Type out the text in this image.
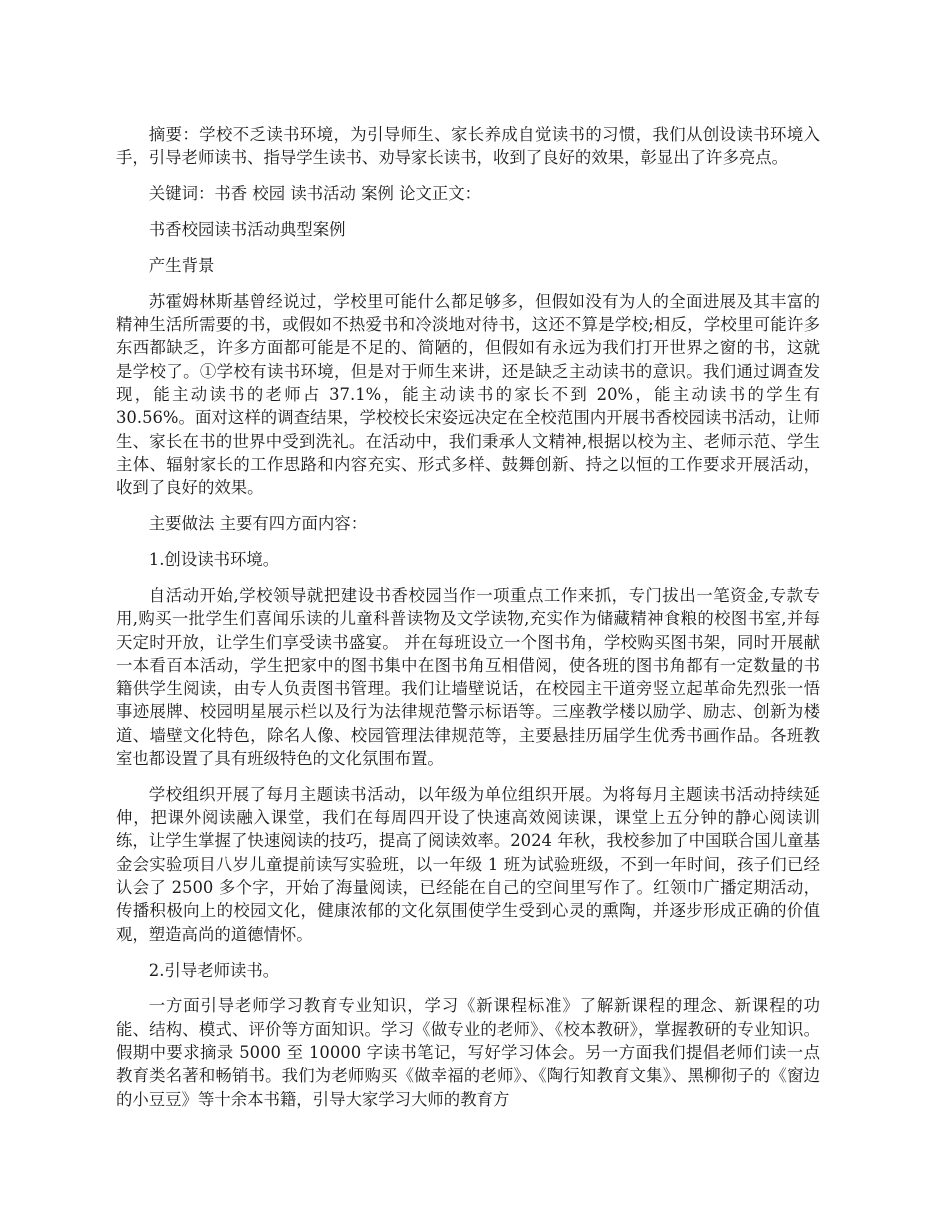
摘要：学校不乏读书环境，为引导师生、家长养成自觉读书的习惯，我们从创设读书环境入手，引导老师读书、指导学生读书、劝导家长读书，收到了良好的效果，彰显出了许多亮点。

关键词：书香 校园 读书活动 案例 论文正文：

书香校园读书活动典型案例

产生背景

苏霍姆林斯基曾经说过，学校里可能什么都足够多，但假如没有为人的全面进展及其丰富的精神生活所需要的书，或假如不热爱书和冷淡地对待书，这还不算是学校;相反，学校里可能许多东西都缺乏，许多方面都可能是不足的、简陋的，但假如有永远为我们打开世界之窗的书，这就是学校了。①学校有读书环境，但是对于师生来讲，还是缺乏主动读书的意识。我们通过调查发现，能主动读书的老师占 37.1%，能主动读书的家长不到 20%，能主动读书的学生有 30.56%。面对这样的调查结果，学校校长宋姿远决定在全校范围内开展书香校园读书活动，让师生、家长在书的世界中受到洗礼。在活动中，我们秉承人文精神,根据以校为主、老师示范、学生主体、辐射家长的工作思路和内容充实、形式多样、鼓舞创新、持之以恒的工作要求开展活动，收到了良好的效果。

主要做法 主要有四方面内容：

1.创设读书环境。

自活动开始,学校领导就把建设书香校园当作一项重点工作来抓，专门拔出一笔资金,专款专用,购买一批学生们喜闻乐读的儿童科普读物及文学读物,充实作为储藏精神食粮的校图书室,并每天定时开放，让学生们享受读书盛宴。 并在每班设立一个图书角，学校购买图书架，同时开展献一本看百本活动，学生把家中的图书集中在图书角互相借阅，使各班的图书角都有一定数量的书籍供学生阅读，由专人负责图书管理。我们让墙壁说话，在校园主干道旁竖立起革命先烈张一悟事迹展牌、校园明星展示栏以及行为法律规范警示标语等。三座教学楼以励学、励志、创新为楼道、墙壁文化特色，除名人像、校园管理法律规范等，主要悬挂历届学生优秀书画作品。各班教室也都设置了具有班级特色的文化氛围布置。

学校组织开展了每月主题读书活动，以年级为单位组织开展。为将每月主题读书活动持续延伸，把课外阅读融入课堂，我们在每周四开设了快速高效阅读课，课堂上五分钟的静心阅读训练，让学生掌握了快速阅读的技巧，提高了阅读效率。2024 年秋，我校参加了中国联合国儿童基金会实验项目八岁儿童提前读写实验班，以一年级 1 班为试验班级，不到一年时间，孩子们已经认会了 2500 多个字，开始了海量阅读，已经能在自己的空间里写作了。红领巾广播定期活动，传播积极向上的校园文化，健康浓郁的文化氛围使学生受到心灵的熏陶，并逐步形成正确的价值观，塑造高尚的道德情怀。

2.引导老师读书。

一方面引导老师学习教育专业知识，学习《新课程标准》了解新课程的理念、新课程的功能、结构、模式、评价等方面知识。学习《做专业的老师》、《校本教研》，掌握教研的专业知识。假期中要求摘录 5000 至 10000 字读书笔记，写好学习体会。另一方面我们提倡老师们读一点教育类名著和畅销书。我们为老师购买《做幸福的老师》、《陶行知教育文集》、黑柳彻子的《窗边的小豆豆》等十余本书籍，引导大家学习大师的教育方
